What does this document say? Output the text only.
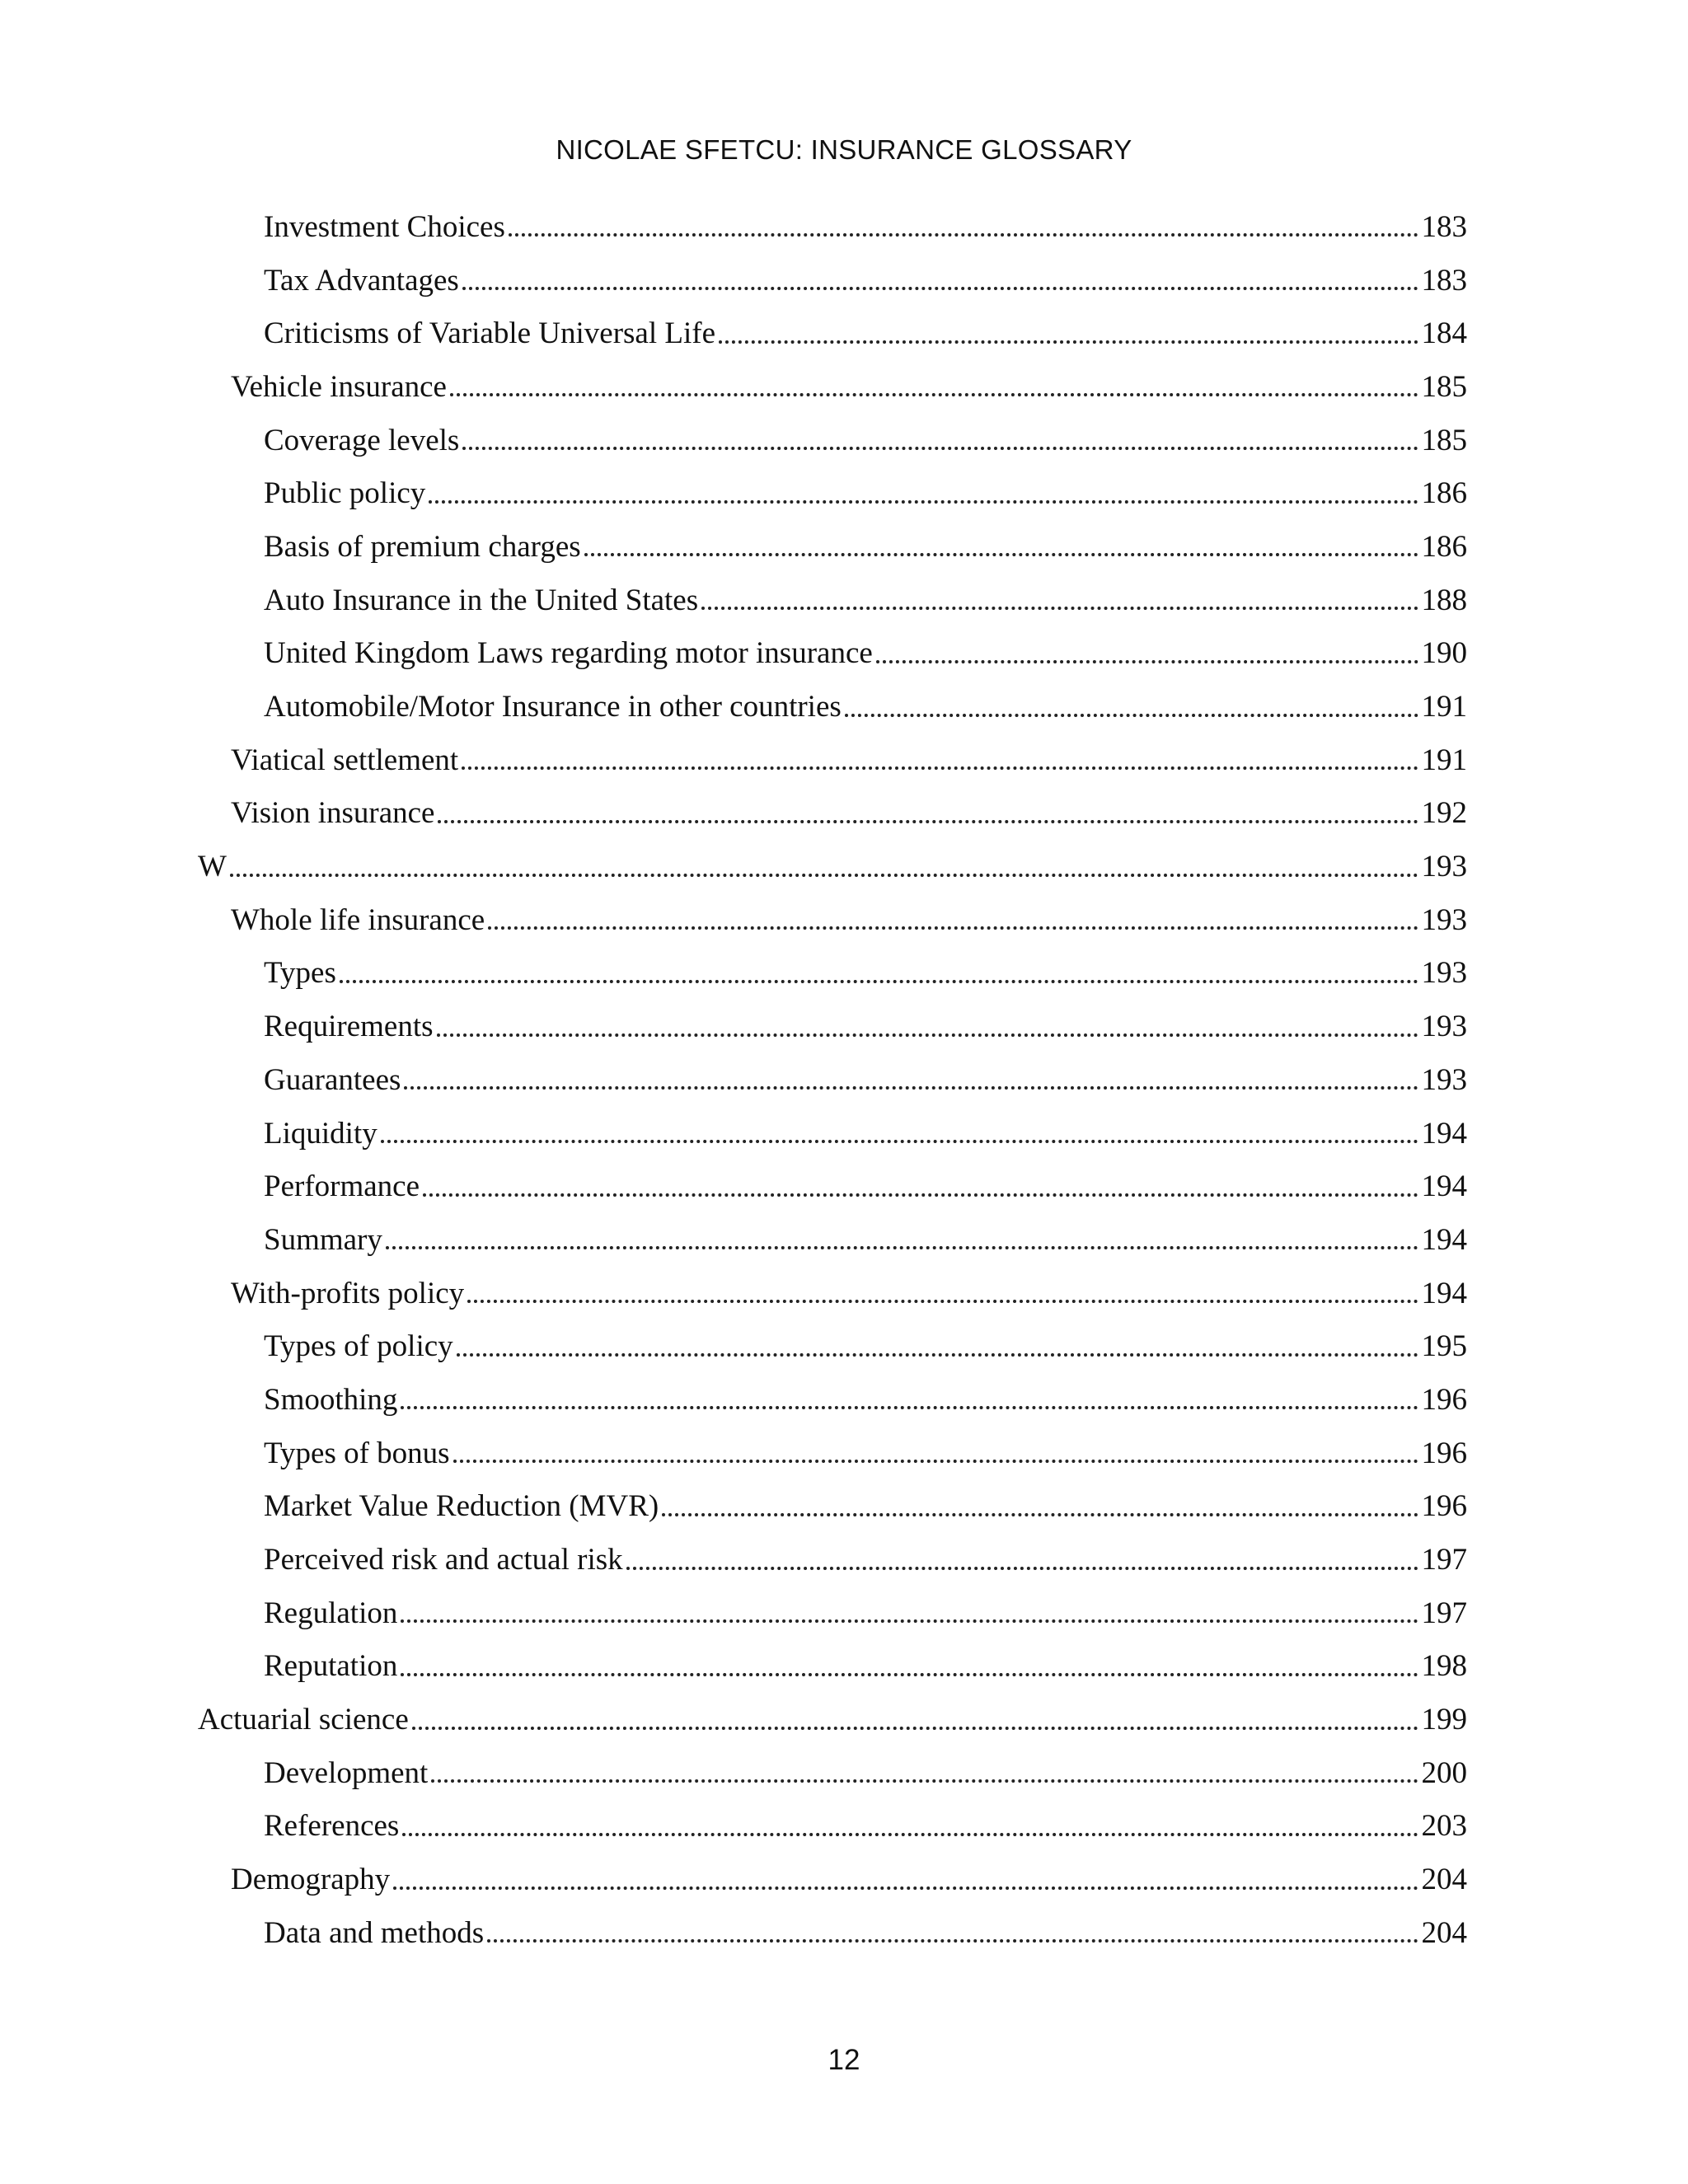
NICOLAE SFETCU: INSURANCE GLOSSARY
Investment Choices	183
Tax Advantages	183
Criticisms of Variable Universal Life	184
Vehicle insurance	185
Coverage levels	185
Public policy	186
Basis of premium charges	186
Auto Insurance in the United States	188
United Kingdom Laws regarding motor insurance	190
Automobile/Motor Insurance in other countries	191
Viatical settlement	191
Vision insurance	192
W	193
Whole life insurance	193
Types	193
Requirements	193
Guarantees	193
Liquidity	194
Performance	194
Summary	194
With-profits policy	194
Types of policy	195
Smoothing	196
Types of bonus	196
Market Value Reduction (MVR)	196
Perceived risk and actual risk	197
Regulation	197
Reputation	198
Actuarial science	199
Development	200
References	203
Demography	204
Data and methods	204
12
